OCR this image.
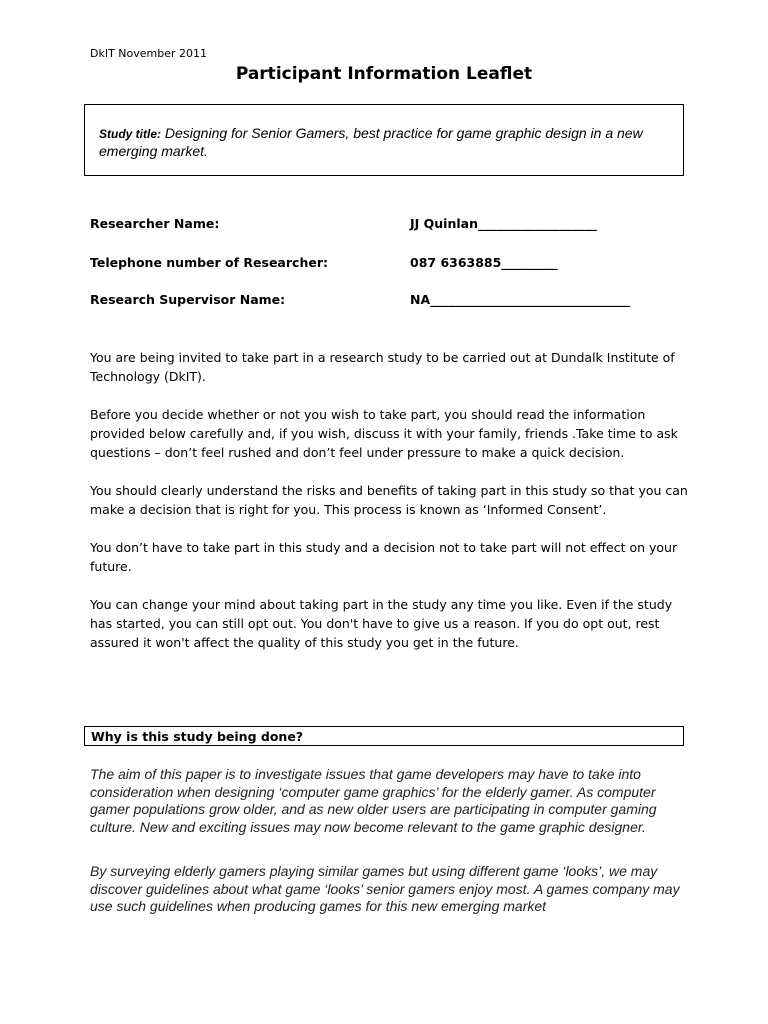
DkIT November 2011
Participant Information Leaflet
Study title: Designing for Senior Gamers, best practice for game graphic design in a new emerging market.
Researcher Name:	JJ Quinlan___________________
Telephone number of Researcher:	087 6363885_________
Research Supervisor Name:	NA________________________________
You are being invited to take part in a research study to be carried out at Dundalk Institute of Technology (DkIT).
Before you decide whether or not you wish to take part, you should read the information provided below carefully and, if you wish, discuss it with your family, friends .Take time to ask questions – don’t feel rushed and don’t feel under pressure to make a quick decision.
You should clearly understand the risks and benefits of taking part in this study so that you can make a decision that is right for you. This process is known as ‘Informed Consent’.
You don’t have to take part in this study and a decision not to take part will not effect on your future.
You can change your mind about taking part in the study any time you like. Even if the study has started, you can still opt out. You don't have to give us a reason. If you do opt out, rest assured it won't affect the quality of this study you get in the future.
Why is this study being done?
The aim of this paper is to investigate issues that game developers may have to take into consideration when designing ‘computer game graphics’ for the elderly gamer. As computer gamer populations grow older, and as new older users are participating in computer gaming culture. New and exciting issues may now become relevant to the game graphic designer.
By surveying elderly gamers playing similar games but using different game ‘looks’, we may discover guidelines about what game ‘looks’ senior gamers enjoy most. A games company may use such guidelines when producing games for this new emerging market
